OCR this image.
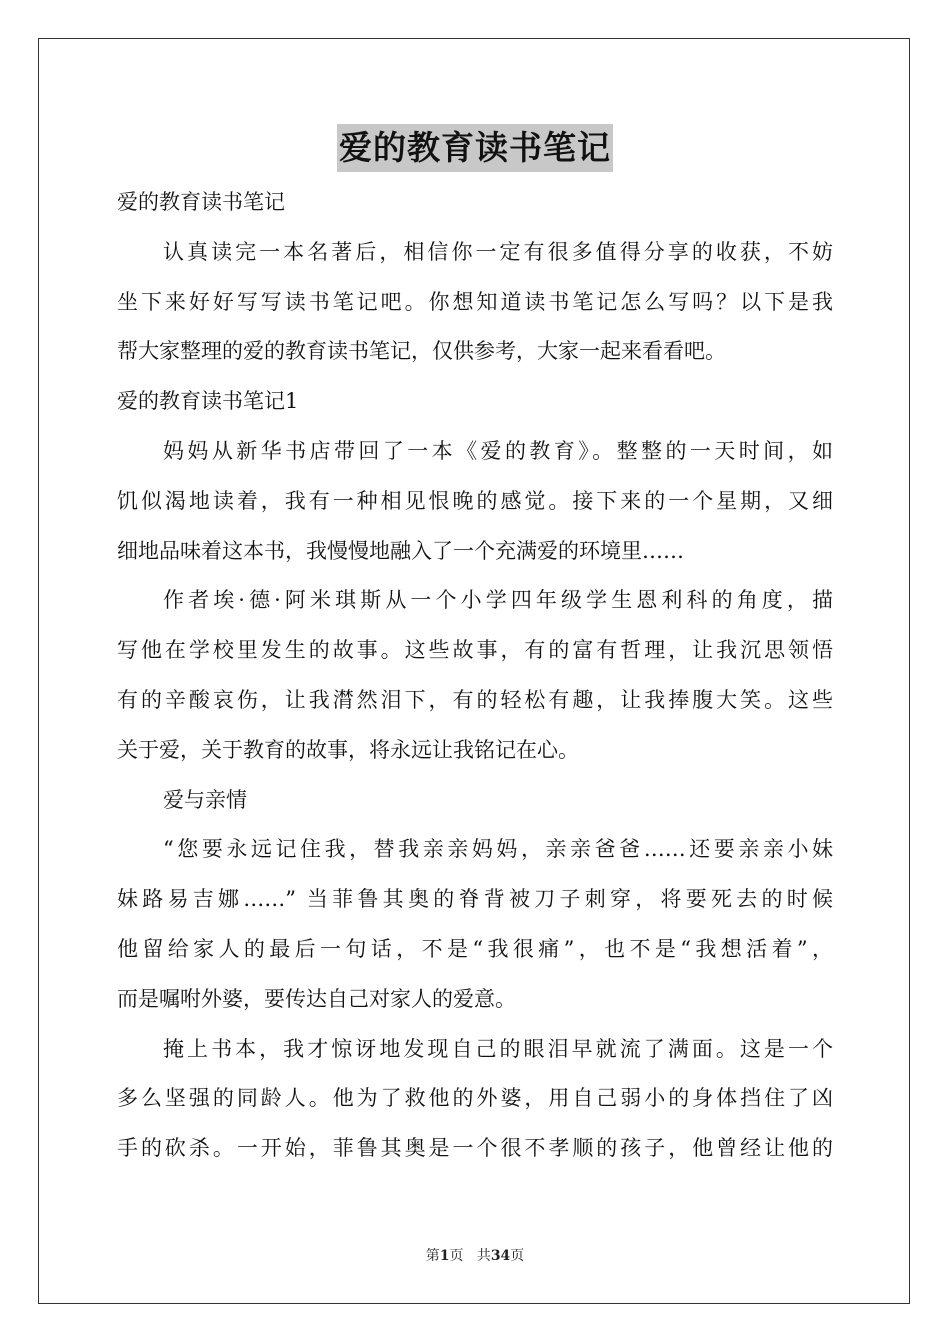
爱的教育读书笔记
爱的教育读书笔记
认真读完一本名著后，相信你一定有很多值得分享的收获，不妨
坐下来好好写写读书笔记吧。你想知道读书笔记怎么写吗？以下是我
帮大家整理的爱的教育读书笔记，仅供参考，大家一起来看看吧。
爱的教育读书笔记1
妈妈从新华书店带回了一本《爱的教育》。整整的一天时间，如
饥似渴地读着，我有一种相见恨晚的感觉。接下来的一个星期，又细
细地品味着这本书，我慢慢地融入了一个充满爱的环境里……
作者埃·德·阿米琪斯从一个小学四年级学生恩利科的角度，描
写他在学校里发生的故事。这些故事，有的富有哲理，让我沉思领悟
有的辛酸哀伤，让我潸然泪下，有的轻松有趣，让我捧腹大笑。这些
关于爱，关于教育的故事，将永远让我铭记在心。
爱与亲情
“您要永远记住我，替我亲亲妈妈，亲亲爸爸……还要亲亲小妹
妹路易吉娜……” 当菲鲁其奥的脊背被刀子刺穿，将要死去的时候
他留给家人的最后一句话，不是“我很痛”，也不是“我想活着”，
而是嘱咐外婆，要传达自己对家人的爱意。
掩上书本，我才惊讶地发现自己的眼泪早就流了满面。这是一个
多么坚强的同龄人。他为了救他的外婆，用自己弱小的身体挡住了凶
手的砍杀。一开始，菲鲁其奥是一个很不孝顺的孩子，他曾经让他的
第1页 共34页
